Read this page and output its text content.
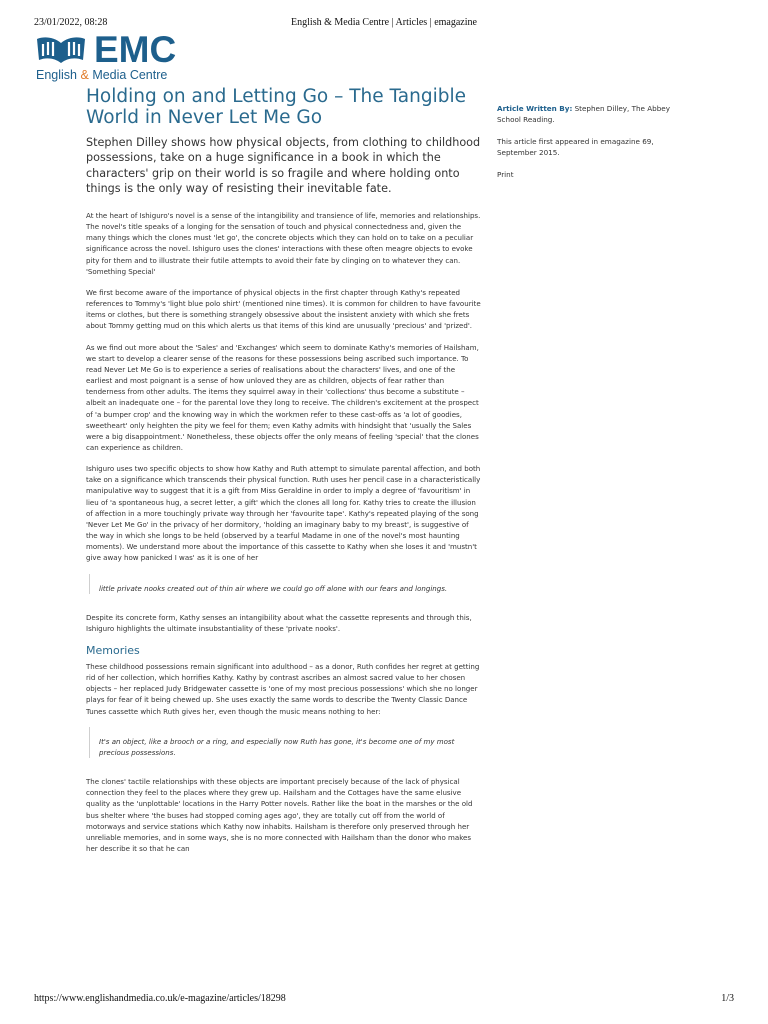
23/01/2022, 08:28	English & Media Centre | Articles | emagazine
EMC
English & Media Centre
Holding on and Letting Go – The Tangible World in Never Let Me Go

Stephen Dilley shows how physical objects, from clothing to childhood possessions, take on a huge significance in a book in which the characters' grip on their world is so fragile and where holding onto things is the only way of resisting their inevitable fate.

Article Written By: Stephen Dilley, The Abbey School Reading.

This article first appeared in emagazine 69, September 2015.

Print

At the heart of Ishiguro's novel is a sense of the intangibility and transience of life, memories and relationships. The novel's title speaks of a longing for the sensation of touch and physical connectedness and, given the many things which the clones must 'let go', the concrete objects which they can hold on to take on a peculiar significance across the novel. Ishiguro uses the clones' interactions with these often meagre objects to evoke pity for them and to illustrate their futile attempts to avoid their fate by clinging on to whatever they can.
'Something Special'

We first become aware of the importance of physical objects in the first chapter through Kathy's repeated references to Tommy's 'light blue polo shirt' (mentioned nine times). It is common for children to have favourite items or clothes, but there is something strangely obsessive about the insistent anxiety with which she frets about Tommy getting mud on this which alerts us that items of this kind are unusually 'precious' and 'prized'.

As we find out more about the 'Sales' and 'Exchanges' which seem to dominate Kathy's memories of Hailsham, we start to develop a clearer sense of the reasons for these possessions being ascribed such importance. To read Never Let Me Go is to experience a series of realisations about the characters' lives, and one of the earliest and most poignant is a sense of how unloved they are as children, objects of fear rather than tenderness from other adults. The items they squirrel away in their 'collections' thus become a substitute – albeit an inadequate one – for the parental love they long to receive. The children's excitement at the prospect of 'a bumper crop' and the knowing way in which the workmen refer to these cast-offs as 'a lot of goodies, sweetheart' only heighten the pity we feel for them; even Kathy admits with hindsight that 'usually the Sales were a big disappointment.' Nonetheless, these objects offer the only means of feeling 'special' that the clones can experience as children.

Ishiguro uses two specific objects to show how Kathy and Ruth attempt to simulate parental affection, and both take on a significance which transcends their physical function. Ruth uses her pencil case in a characteristically manipulative way to suggest that it is a gift from Miss Geraldine in order to imply a degree of 'favouritism' in lieu of 'a spontaneous hug, a secret letter, a gift' which the clones all long for. Kathy tries to create the illusion of affection in a more touchingly private way through her 'favourite tape'. Kathy's repeated playing of the song 'Never Let Me Go' in the privacy of her dormitory, 'holding an imaginary baby to my breast', is suggestive of the way in which she longs to be held (observed by a tearful Madame in one of the novel's most haunting moments). We understand more about the importance of this cassette to Kathy when she loses it and 'mustn't give away how panicked I was' as it is one of her

little private nooks created out of thin air where we could go off alone with our fears and longings.

Despite its concrete form, Kathy senses an intangibility about what the cassette represents and through this, Ishiguro highlights the ultimate insubstantiality of these 'private nooks'.

Memories

These childhood possessions remain significant into adulthood – as a donor, Ruth confides her regret at getting rid of her collection, which horrifies Kathy. Kathy by contrast ascribes an almost sacred value to her chosen objects – her replaced Judy Bridgewater cassette is 'one of my most precious possessions' which she no longer plays for fear of it being chewed up. She uses exactly the same words to describe the Twenty Classic Dance Tunes cassette which Ruth gives her, even though the music means nothing to her:

It's an object, like a brooch or a ring, and especially now Ruth has gone, it's become one of my most precious possessions.

The clones' tactile relationships with these objects are important precisely because of the lack of physical connection they feel to the places where they grew up. Hailsham and the Cottages have the same elusive quality as the 'unplottable' locations in the Harry Potter novels. Rather like the boat in the marshes or the old bus shelter where 'the buses had stopped coming ages ago', they are totally cut off from the world of motorways and service stations which Kathy now inhabits. Hailsham is therefore only preserved through her unreliable memories, and in some ways, she is no more connected with Hailsham than the donor who makes her describe it so that he can

https://www.englishandmedia.co.uk/e-magazine/articles/18298	1/3
